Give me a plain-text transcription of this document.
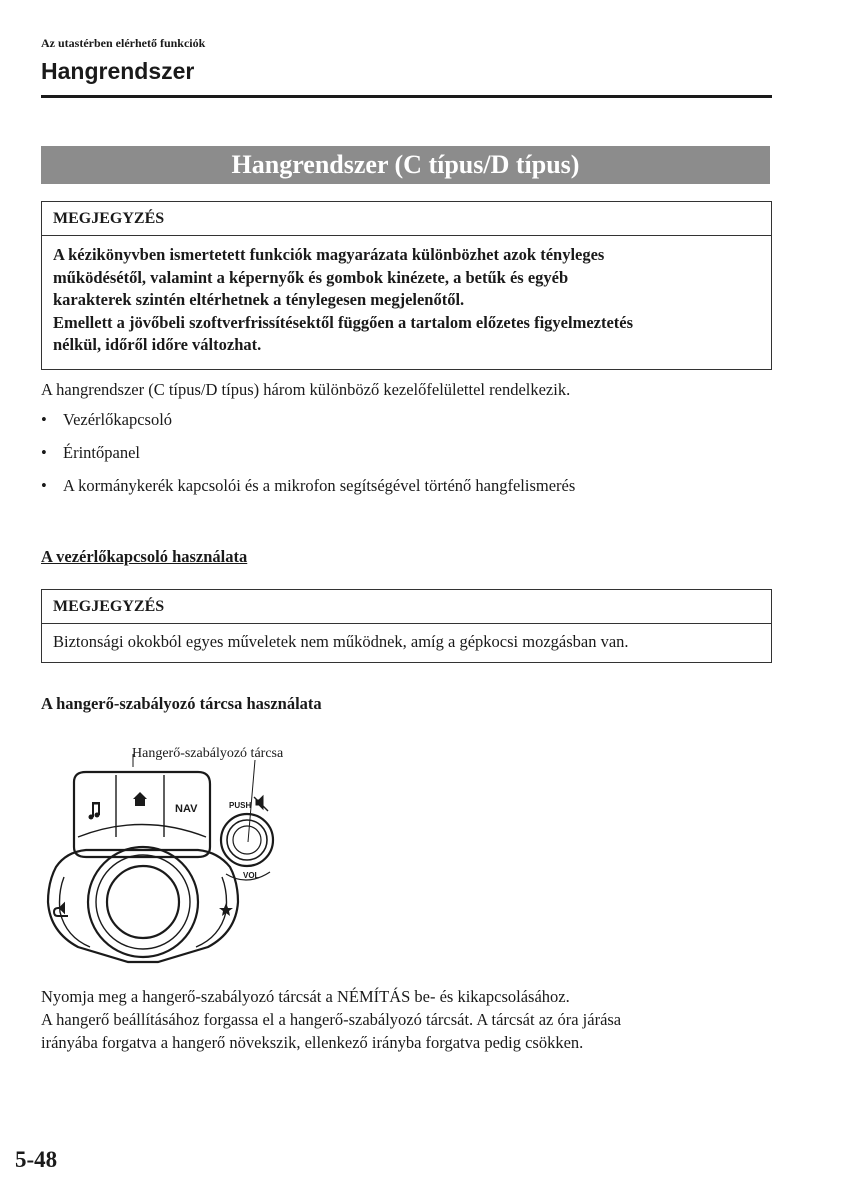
Az utastérben elérhető funkciók
Hangrendszer
Hangrendszer (C típus/D típus)
MEGJEGYZÉS
A kézikönyvben ismertetett funkciók magyarázata különbözhet azok tényleges
működésétől, valamint a képernyők és gombok kinézete, a betűk és egyéb
karakterek szintén eltérhetnek a ténylegesen megjelenőtől.
Emellett a jövőbeli szoftverfrissítésektől függően a tartalom előzetes figyelmeztetés
nélkül, időről időre változhat.
A hangrendszer (C típus/D típus) három különböző kezelőfelülettel rendelkezik.
• Vezérlőkapcsoló
• Érintőpanel
• A kormánykerék kapcsolói és a mikrofon segítségével történő hangfelismerés
A vezérlőkapcsoló használata
MEGJEGYZÉS
Biztonsági okokból egyes műveletek nem működnek, amíg a gépkocsi mozgásban van.
A hangerő-szabályozó tárcsa használata
Hangerő-szabályozó tárcsa
NAV	PUSH
VOL
Nyomja meg a hangerő-szabályozó tárcsát a NÉMÍTÁS be- és kikapcsolásához.
A hangerő beállításához forgassa el a hangerő-szabályozó tárcsát. A tárcsát az óra járása
irányába forgatva a hangerő növekszik, ellenkező irányba forgatva pedig csökken.
5-48
